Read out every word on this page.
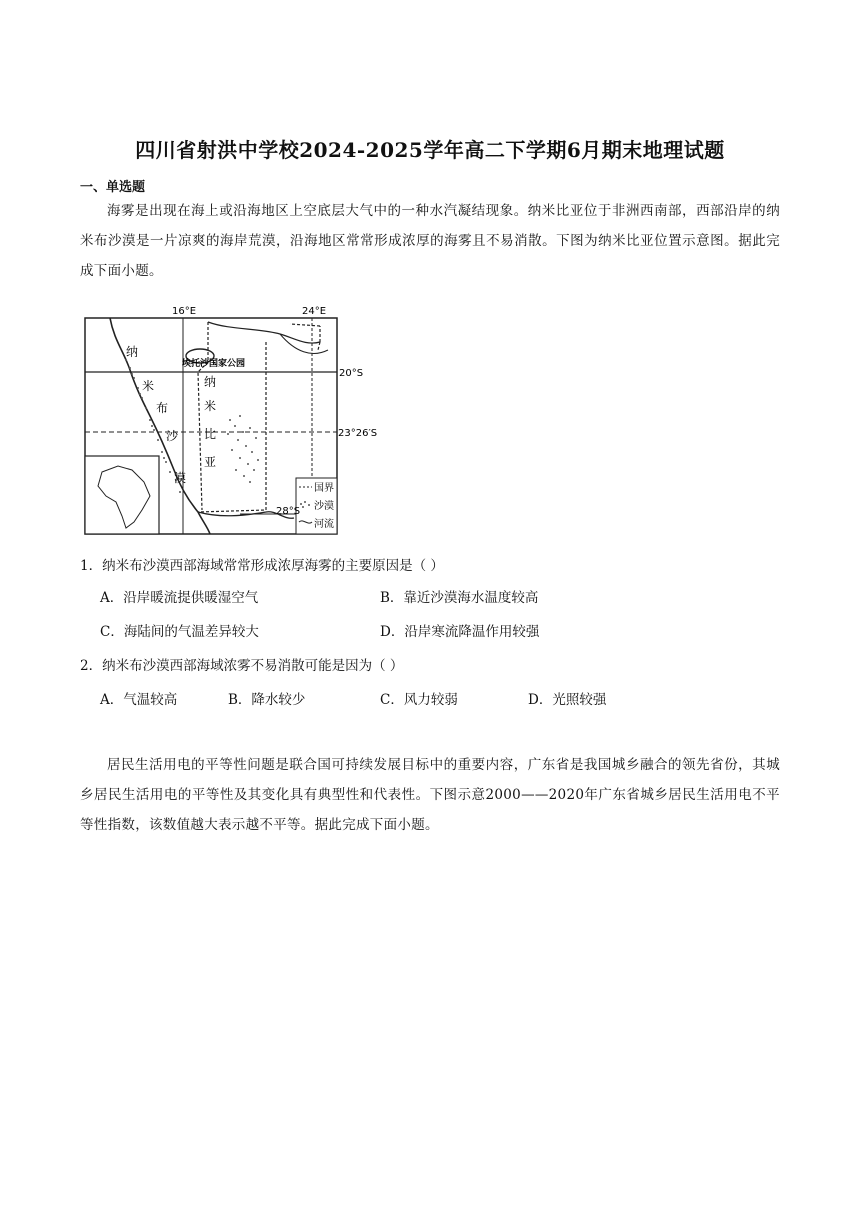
四川省射洪中学校2024-2025学年高二下学期6月期末地理试题
一、单选题
海雾是出现在海上或沿海地区上空底层大气中的一种水汽凝结现象。纳米比亚位于非洲西南部，西部沿岸的纳米布沙漠是一片凉爽的海岸荒漠，沿海地区常常形成浓厚的海雾且不易消散。下图为纳米比亚位置示意图。据此完成下面小题。
16°E	24°E
20°S
23°26′S
28°S
埃托沙国家公园
纳
米
布
沙
漠
纳
米
比
亚
国界
沙漠
河流
1．纳米布沙漠西部海域常常形成浓厚海雾的主要原因是（ ）
A．沿岸暖流提供暖湿空气	B．靠近沙漠海水温度较高
C．海陆间的气温差异较大	D．沿岸寒流降温作用较强
2．纳米布沙漠西部海域浓雾不易消散可能是因为（ ）
A．气温较高	B．降水较少	C．风力较弱	D．光照较强
居民生活用电的平等性问题是联合国可持续发展目标中的重要内容，广东省是我国城乡融合的领先省份，其城乡居民生活用电的平等性及其变化具有典型性和代表性。下图示意2000——2020年广东省城乡居民生活用电不平等性指数，该数值越大表示越不平等。据此完成下面小题。
